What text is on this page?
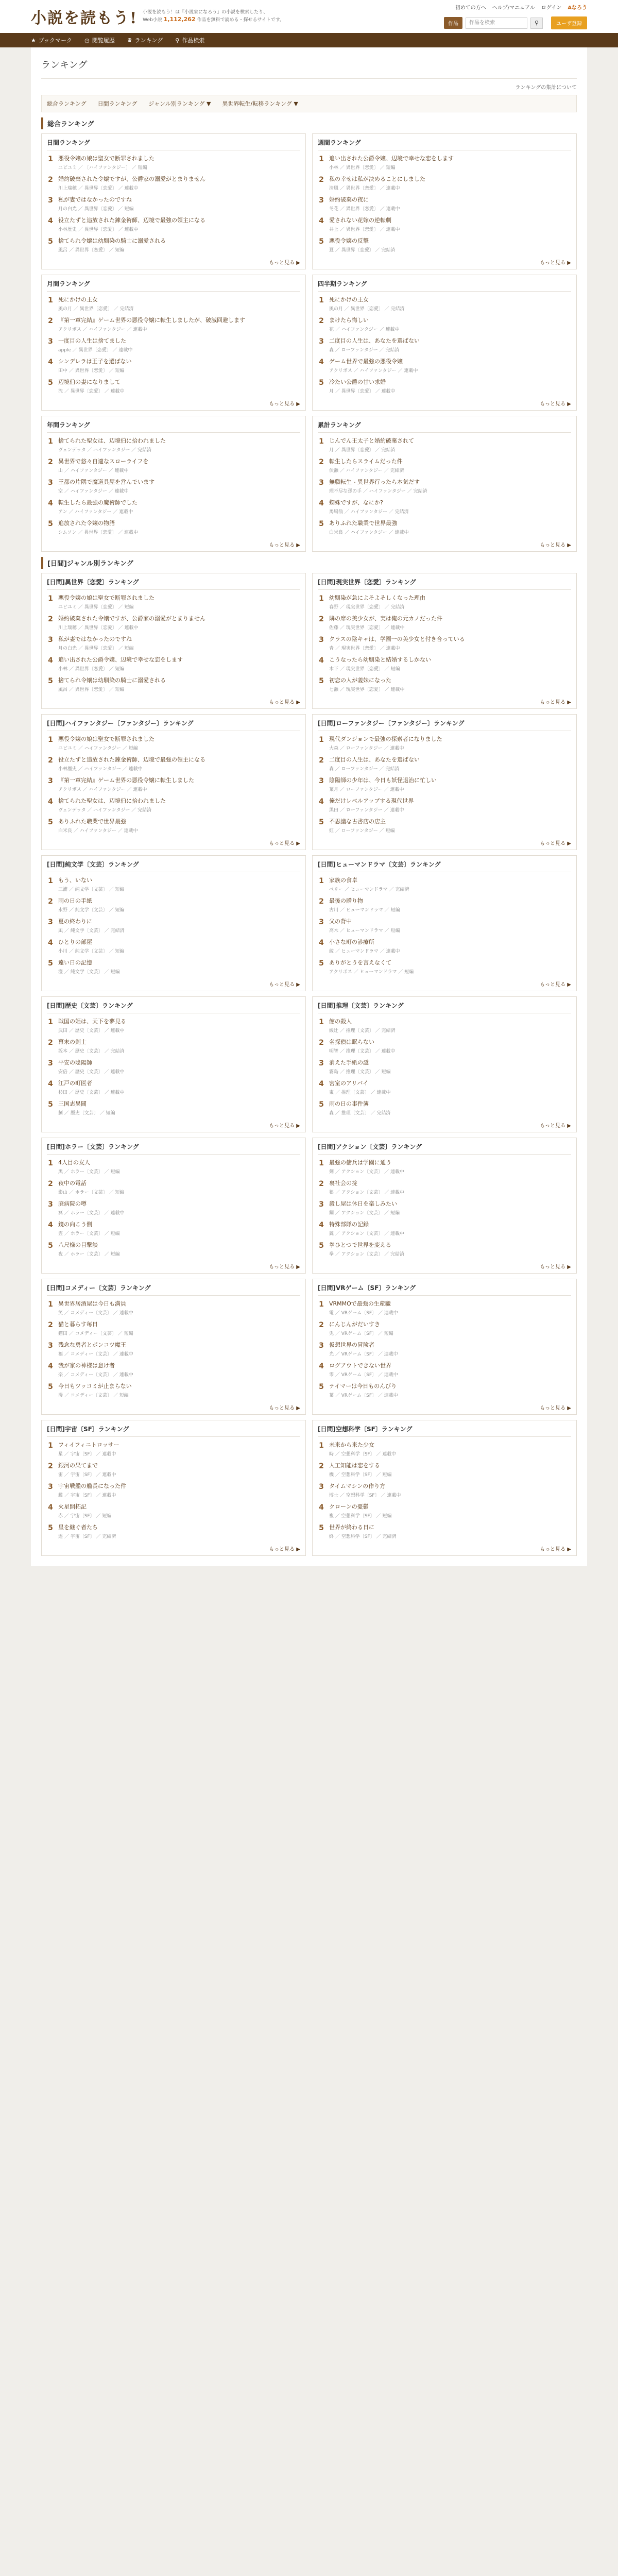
小説を読もう! 小説を読もう！は『小説家になろう』の小説を検索したり、
Web小説 1,112,262 作品を無料で読める・探せるサイトです。
初めての方へ ヘルプ/マニュアル ログイン Aなろう
作品
作品を検索	⚲	ユーザ登録
★ ブックマーク ◷ 閲覧履歴 ♛ ランキング ⚲ 作品検索
ランキング
ランキングの集計について
総合ランキング 日間ランキング ジャンル別ランキング ▼ 異世界転生/転移ランキング ▼
総合ランキング
日間ランキング
1 悪役令嬢の娘は聖女で断罪されました
ユビユミ ／ 〔ハイファンタジー〕 ／ 短編
2 婚約破棄された令嬢ですが、公爵家の溺愛がとまりません
川上瑞穂 ／ 異世界〔恋愛〕 ／ 連載中
3 私が妻ではなかったのですね
月の白光 ／ 異世界〔恋愛〕 ／ 短編
4 役立たずと追放された錬金術師、辺境で最強の領主になる
小林歴史 ／ 異世界〔恋愛〕 ／ 連載中
5 捨てられ令嬢は幼馴染の騎士に溺愛される
風呂 ／ 異世界〔恋愛〕 ／ 短編
もっと見る ▶
週間ランキング
1 追い出された公爵令嬢、辺境で幸せな恋をします
小林 ／ 異世界〔恋愛〕 ／ 短編
2 私の幸せは私が決めることにしました
清風 ／ 異世界〔恋愛〕 ／ 連載中
3 婚約破棄の夜に
冬花 ／ 異世界〔恋愛〕 ／ 連載中
4 愛されない花嫁の逆転劇
井上 ／ 異世界〔恋愛〕 ／ 連載中
5 悪役令嬢の反撃
夏 ／ 異世界〔恋愛〕 ／ 完結済
もっと見る ▶
月間ランキング
1 死にかけの王女
風の月 ／ 異世界〔恋愛〕 ／ 完結済
2 『第一章完結』ゲーム世界の悪役令嬢に転生しましたが、破滅回避します
アクリボス ／ ハイファンタジー ／ 連載中
3 一度目の人生は捨てました
apple ／ 異世界〔恋愛〕 ／ 連載中
4 シンデレラは王子を選ばない
田中 ／ 異世界〔恋愛〕 ／ 短編
5 辺境伯の妻になりまして
流 ／ 異世界〔恋愛〕 ／ 連載中
もっと見る ▶
四半期ランキング
1 死にかけの王女
風の月 ／ 異世界〔恋愛〕 ／ 完結済
2 まけたら悔しい
花 ／ ハイファンタジー ／ 連載中
3 二度目の人生は、あなたを選ばない
森 ／ ローファンタジー ／ 完結済
4 ゲーム世界で最強の悪役令嬢
アクリボス ／ ハイファンタジー ／ 連載中
5 冷たい公爵の甘い求婚
月 ／ 異世界〔恋愛〕 ／ 連載中
もっと見る ▶
年間ランキング
1 捨てられた聖女は、辺境伯に拾われました
ヴェンデッタ ／ ハイファンタジー ／ 完結済
2 異世界で悠々自適なスローライフを
山 ／ ハイファンタジー ／ 連載中
3 王都の片隅で魔道具屋を営んでいます
空 ／ ハイファンタジー ／ 連載中
4 転生したら最強の魔術師でした
アン ／ ハイファンタジー ／ 連載中
5 追放された令嬢の物語
シムソン ／ 異世界〔恋愛〕 ／ 連載中
もっと見る ▶
累計ランキング
1 じんでん王太子と婚約破棄されて
月 ／ 異世界〔恋愛〕 ／ 完結済
2 転生したらスライムだった件
伏瀬 ／ ハイファンタジー ／ 完結済
3 無職転生 - 異世界行ったら本気だす
理不尽な孫の手 ／ ハイファンタジー ／ 完結済
4 蜘蛛ですが、なにか?
馬場翁 ／ ハイファンタジー ／ 完結済
5 ありふれた職業で世界最強
白米良 ／ ハイファンタジー ／ 連載中
もっと見る ▶
[日間]ジャンル別ランキング
[日間]異世界〔恋愛〕ランキング
1 悪役令嬢の娘は聖女で断罪されました
ユビユミ ／ 異世界〔恋愛〕 ／ 短編
2 婚約破棄された令嬢ですが、公爵家の溺愛がとまりません
川上瑞穂 ／ 異世界〔恋愛〕 ／ 連載中
3 私が妻ではなかったのですね
月の白光 ／ 異世界〔恋愛〕 ／ 短編
4 追い出された公爵令嬢、辺境で幸せな恋をします
小林 ／ 異世界〔恋愛〕 ／ 短編
5 捨てられ令嬢は幼馴染の騎士に溺愛される
風呂 ／ 異世界〔恋愛〕 ／ 短編
もっと見る ▶
[日間]現実世界〔恋愛〕ランキング
1 幼馴染が急によそよそしくなった理由
春野 ／ 現実世界〔恋愛〕 ／ 完結済
2 隣の席の美少女が、実は俺の元カノだった件
佐藤 ／ 現実世界〔恋愛〕 ／ 連載中
3 クラスの陰キャは、学園一の美少女と付き合っている
青 ／ 現実世界〔恋愛〕 ／ 連載中
4 こうなったら幼馴染と結婚するしかない
木下 ／ 現実世界〔恋愛〕 ／ 短編
5 初恋の人が義妹になった
七瀬 ／ 現実世界〔恋愛〕 ／ 連載中
もっと見る ▶
[日間]ハイファンタジー〔ファンタジー〕ランキング
1 悪役令嬢の娘は聖女で断罪されました
ユビユミ ／ ハイファンタジー ／ 短編
2 役立たずと追放された錬金術師、辺境で最強の領主になる
小林歴史 ／ ハイファンタジー ／ 連載中
3 『第一章完結』ゲーム世界の悪役令嬢に転生しました
アクリボス ／ ハイファンタジー ／ 連載中
4 捨てられた聖女は、辺境伯に拾われました
ヴェンデッタ ／ ハイファンタジー ／ 完結済
5 ありふれた職業で世界最強
白米良 ／ ハイファンタジー ／ 連載中
もっと見る ▶
[日間]ローファンタジー〔ファンタジー〕ランキング
1 現代ダンジョンで最強の探索者になりました
大森 ／ ローファンタジー ／ 連載中
2 二度目の人生は、あなたを選ばない
森 ／ ローファンタジー ／ 完結済
3 陰陽師の少年は、今日も妖怪退治に忙しい
葉月 ／ ローファンタジー ／ 連載中
4 俺だけレベルアップする現代世界
黒田 ／ ローファンタジー ／ 連載中
5 不思議な古書店の店主
紅 ／ ローファンタジー ／ 短編
もっと見る ▶
[日間]純文学〔文芸〕ランキング
1 もう、いない
三浦 ／ 純文学〔文芸〕 ／ 短編
2 雨の日の手紙
水野 ／ 純文学〔文芸〕 ／ 短編
3 夏の終わりに
凪 ／ 純文学〔文芸〕 ／ 完結済
4 ひとりの部屋
小川 ／ 純文学〔文芸〕 ／ 短編
5 遠い日の記憶
澄 ／ 純文学〔文芸〕 ／ 短編
もっと見る ▶
[日間]ヒューマンドラマ〔文芸〕ランキング
1 家族の食卓
ベリー ／ ヒューマンドラマ ／ 完結済
2 最後の贈り物
古川 ／ ヒューマンドラマ ／ 短編
3 父の背中
高木 ／ ヒューマンドラマ ／ 短編
4 小さな町の診療所
綾 ／ ヒューマンドラマ ／ 連載中
5 ありがとうを言えなくて
アクリボス ／ ヒューマンドラマ ／ 短編
もっと見る ▶
[日間]歴史〔文芸〕ランキング
1 戦国の姫は、天下を夢見る
武田 ／ 歴史〔文芸〕 ／ 連載中
2 幕末の剣士
坂本 ／ 歴史〔文芸〕 ／ 完結済
3 平安の陰陽師
安倍 ／ 歴史〔文芸〕 ／ 連載中
4 江戸の町医者
杉田 ／ 歴史〔文芸〕 ／ 連載中
5 三国志異聞
劉 ／ 歴史〔文芸〕 ／ 短編
もっと見る ▶
[日間]推理〔文芸〕ランキング
1 館の殺人
綾辻 ／ 推理〔文芸〕 ／ 完結済
2 名探偵は眠らない
明智 ／ 推理〔文芸〕 ／ 連載中
3 消えた手紙の謎
霧島 ／ 推理〔文芸〕 ／ 短編
4 密室のアリバイ
東 ／ 推理〔文芸〕 ／ 連載中
5 雨の日の事件簿
森 ／ 推理〔文芸〕 ／ 完結済
もっと見る ▶
[日間]ホラー〔文芸〕ランキング
1 4人目の友人
黒 ／ ホラー〔文芸〕 ／ 短編
2 夜中の電話
影山 ／ ホラー〔文芸〕 ／ 短編
3 廃病院の噂
冥 ／ ホラー〔文芸〕 ／ 連載中
4 鏡の向こう側
霊 ／ ホラー〔文芸〕 ／ 短編
5 八尺様の目撃談
夜 ／ ホラー〔文芸〕 ／ 短編
もっと見る ▶
[日間]アクション〔文芸〕ランキング
1 最強の傭兵は学園に通う
剣 ／ アクション〔文芸〕 ／ 連載中
2 裏社会の掟
狼 ／ アクション〔文芸〕 ／ 連載中
3 殺し屋は休日を楽しみたい
鋼 ／ アクション〔文芸〕 ／ 短編
4 特殊部隊の記録
銃 ／ アクション〔文芸〕 ／ 連載中
5 拳ひとつで世界を変える
拳 ／ アクション〔文芸〕 ／ 完結済
もっと見る ▶
[日間]コメディー〔文芸〕ランキング
1 異世界居酒屋は今日も満員
笑 ／ コメディー〔文芸〕 ／ 連載中
2 猫と暮らす毎日
猫田 ／ コメディー〔文芸〕 ／ 短編
3 残念な勇者とポンコツ魔王
福 ／ コメディー〔文芸〕 ／ 連載中
4 我が家の神様は怠け者
楽 ／ コメディー〔文芸〕 ／ 連載中
5 今日もツッコミが止まらない
漫 ／ コメディー〔文芸〕 ／ 短編
もっと見る ▶
[日間]VRゲーム〔SF〕ランキング
1 VRMMOで最強の生産職
電 ／ VRゲーム〔SF〕 ／ 連載中
2 にんじんがだいすき
兎 ／ VRゲーム〔SF〕 ／ 短編
3 仮想世界の冒険者
光 ／ VRゲーム〔SF〕 ／ 連載中
4 ログアウトできない世界
零 ／ VRゲーム〔SF〕 ／ 連載中
5 テイマーは今日ものんびり
葉 ／ VRゲーム〔SF〕 ／ 連載中
もっと見る ▶
[日間]宇宙〔SF〕ランキング
1 フィイフィニトロッサー
星 ／ 宇宙〔SF〕 ／ 連載中
2 銀河の果てまで
宙 ／ 宇宙〔SF〕 ／ 連載中
3 宇宙戦艦の艦長になった件
艦 ／ 宇宙〔SF〕 ／ 連載中
4 火星開拓記
赤 ／ 宇宙〔SF〕 ／ 短編
5 星を継ぐ者たち
遥 ／ 宇宙〔SF〕 ／ 完結済
もっと見る ▶
[日間]空想科学〔SF〕ランキング
1 未来から来た少女
時 ／ 空想科学〔SF〕 ／ 連載中
2 人工知能は恋をする
機 ／ 空想科学〔SF〕 ／ 短編
3 タイムマシンの作り方
博士 ／ 空想科学〔SF〕 ／ 連載中
4 クローンの憂鬱
複 ／ 空想科学〔SF〕 ／ 短編
5 世界が終わる日に
終 ／ 空想科学〔SF〕 ／ 完結済
もっと見る ▶
